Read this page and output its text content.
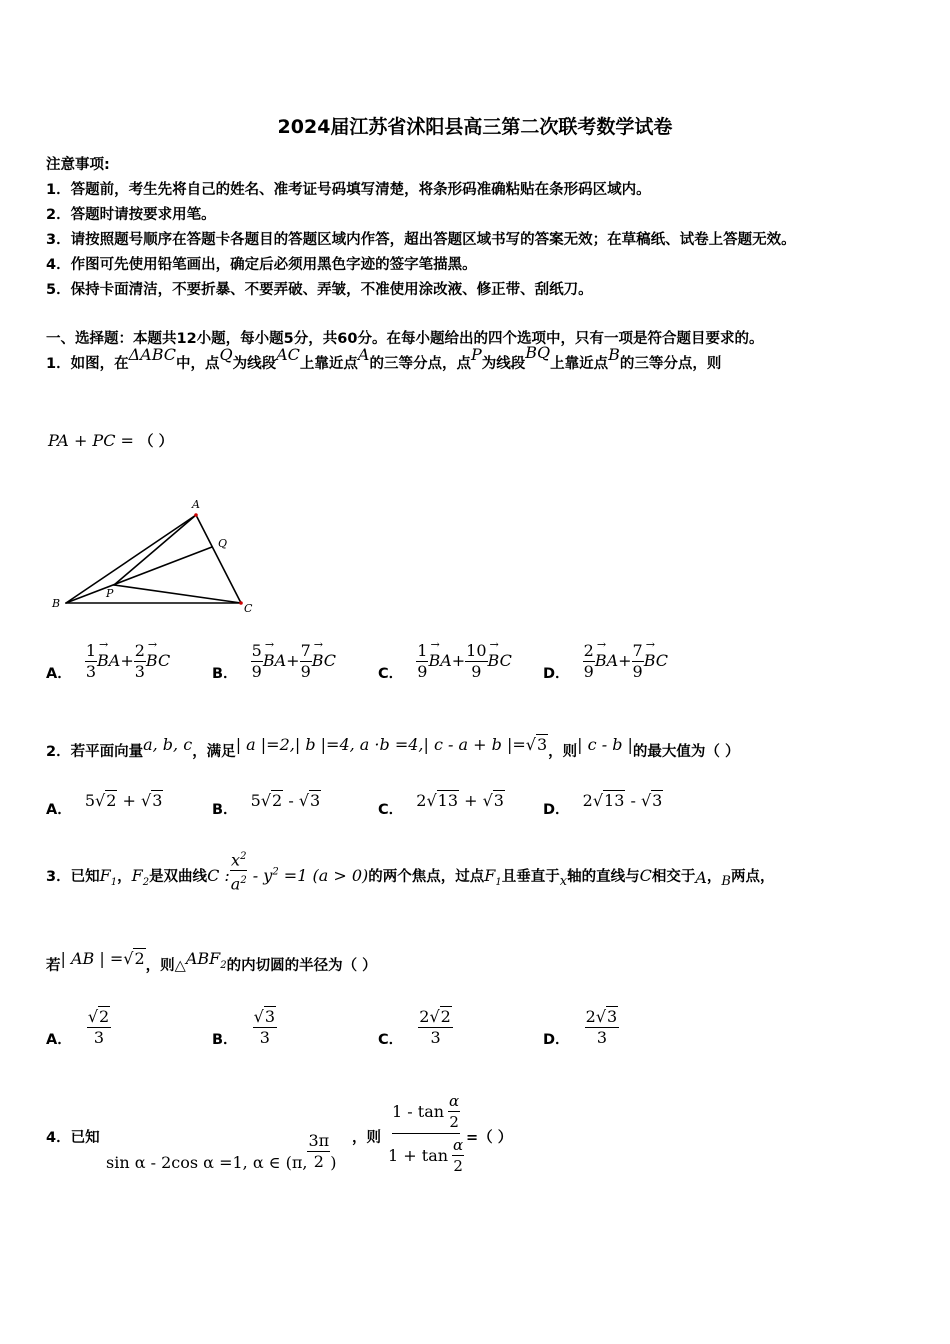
2024届江苏省沭阳县高三第二次联考数学试卷
注意事项:
1．答题前，考生先将自己的姓名、准考证号码填写清楚，将条形码准确粘贴在条形码区域内。
2．答题时请按要求用笔。
3．请按照题号顺序在答题卡各题目的答题区域内作答，超出答题区域书写的答案无效；在草稿纸、试卷上答题无效。
4．作图可先使用铅笔画出，确定后必须用黑色字迹的签字笔描黑。
5．保持卡面清洁，不要折暴、不要弄破、弄皱，不准使用涂改液、修正带、刮纸刀。
一、选择题：本题共12小题，每小题5分，共60分。在每小题给出的四个选项中，只有一项是符合题目要求的。
1．如图，在ΔABC中，点Q为线段AC上靠近点A的三等分点，点P为线段BQ上靠近点B的三等分点，则
PA + PC = （ ）
A
Q
B
P
C
A． $\frac{1}{3}$
→ $BA+ \frac{2}{3}$
→ BC
B． $\frac{5}{9}$
→ $BA+ \frac{7}{9}$
→ BC
C． $\frac{1}{9}$
→ $BA+ \frac{10}{9}$
→ BC
D． $\frac{2}{9}$
→ $BA+ \frac{7}{9}$
→ BC
2．若平面向量a, b, c，满足| a |=2,| b |=4, a ·b =4,| c - a + b |=√3，则| c - b |的最大值为（ ）
A． 5√2 + √3	B． 5√2 - √3	C． 2√13 + √3	D． 2√13 - √3
3．已知$F_1$，$F_2$是双曲线C : $\frac{x^2}{a^2} - y^2 =1$ (a > 0)的两个焦点，过点$F_1$且垂直于$_x$轴的直线与C相交于A，$_B$两点，
若| AB | =√2，则$\triangle ABF_2$的内切圆的半径为（ ）
A． $\frac{√2}{3}$	B． $\frac{√3}{3}$	C． $\frac{2√2}{3}$	D． $\frac{2√3}{3}$
4．已知
sin α - 2cos α =1, α ∈ (π, $\frac{3\pi}{2}$ )
，则 $\frac{1 - \tan \frac{\alpha}{2}}{1 + \tan \frac{\alpha}{2}}$ =（ ）
